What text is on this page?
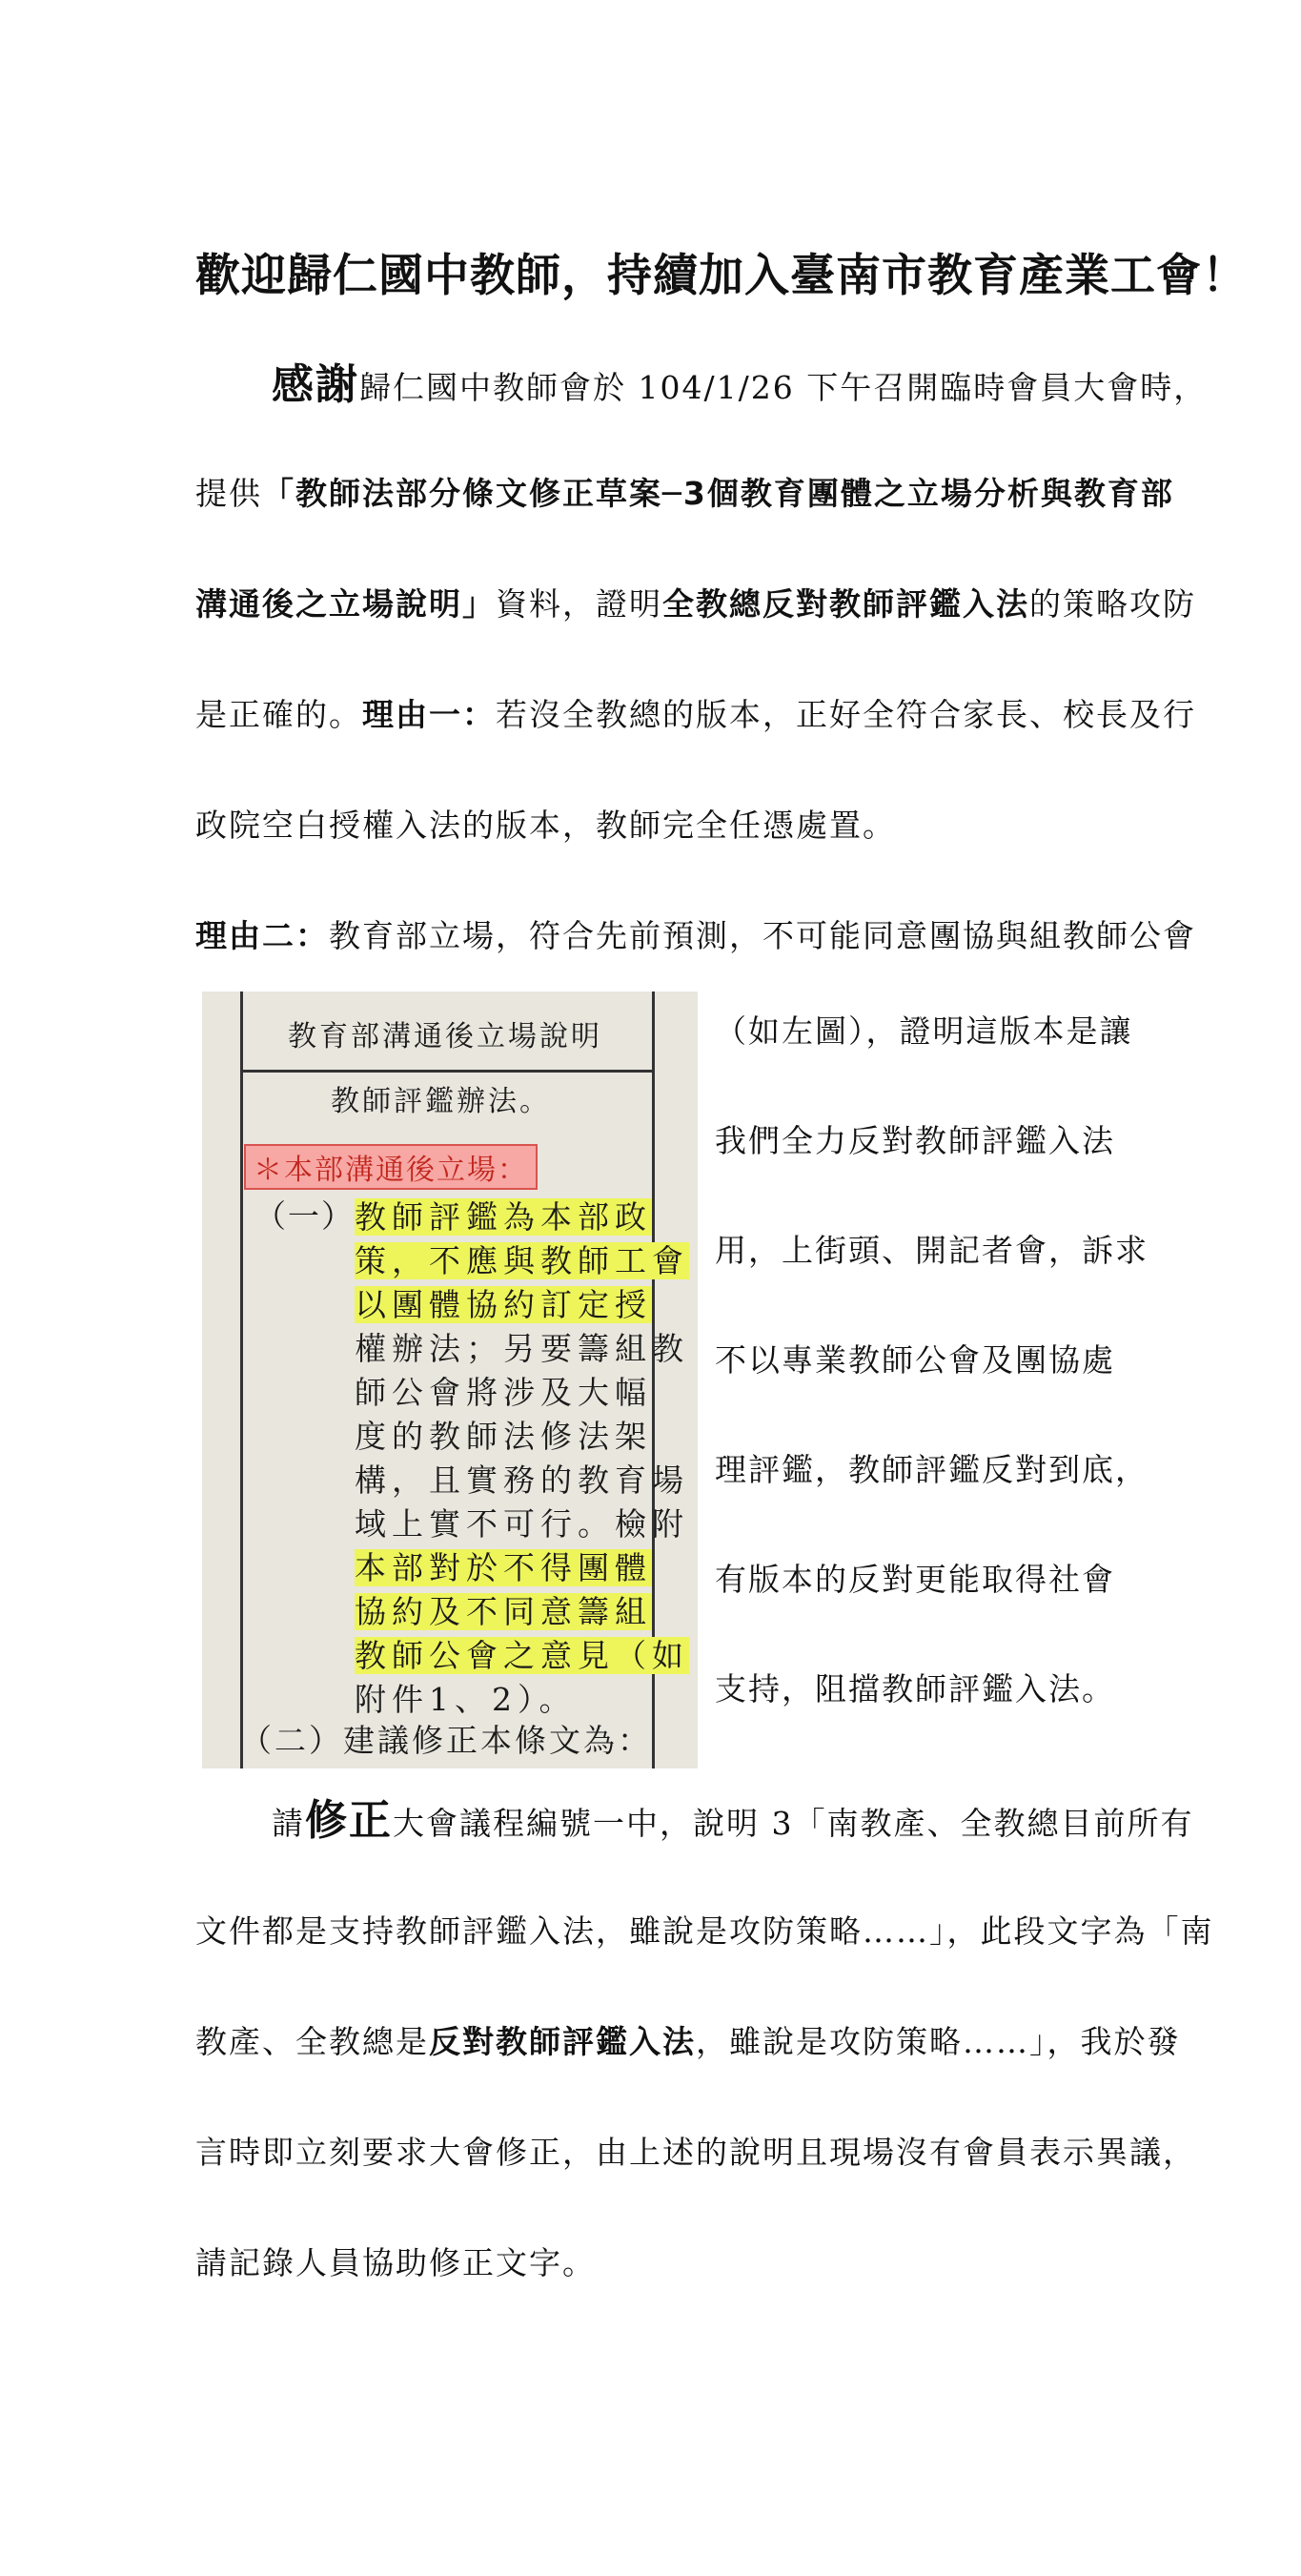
歡迎歸仁國中教師，持續加入臺南市教育產業工會！
感謝歸仁國中教師會於 104/1/26 下午召開臨時會員大會時，
提供「教師法部分條文修正草案─3個教育團體之立場分析與教育部
溝通後之立場說明」資料，證明全教總反對教師評鑑入法的策略攻防
是正確的。理由一：若沒全教總的版本，正好全符合家長、校長及行
政院空白授權入法的版本，教師完全任憑處置。
理由二：教育部立場，符合先前預測，不可能同意團協與組教師公會
教育部溝通後立場說明
教師評鑑辦法。
＊本部溝通後立場：
（一） 教師評鑑為本部政
策，不應與教師工會
以團體協約訂定授
權辦法；另要籌組教
師公會將涉及大幅
度的教師法修法架
構，且實務的教育場
域上實不可行。檢附
本部對於不得團體
協約及不同意籌組
教師公會之意見（如
附件1、2）。
（二）建議修正本條文為：
（如左圖），證明這版本是讓
我們全力反對教師評鑑入法
用，上街頭、開記者會，訴求
不以專業教師公會及團協處
理評鑑，教師評鑑反對到底，
有版本的反對更能取得社會
支持，阻擋教師評鑑入法。
請修正大會議程編號一中，說明 3「南教產、全教總目前所有
文件都是支持教師評鑑入法，雖說是攻防策略……」，此段文字為「南
教產、全教總是反對教師評鑑入法，雖說是攻防策略……」，我於發
言時即立刻要求大會修正，由上述的說明且現場沒有會員表示異議，
請記錄人員協助修正文字。
